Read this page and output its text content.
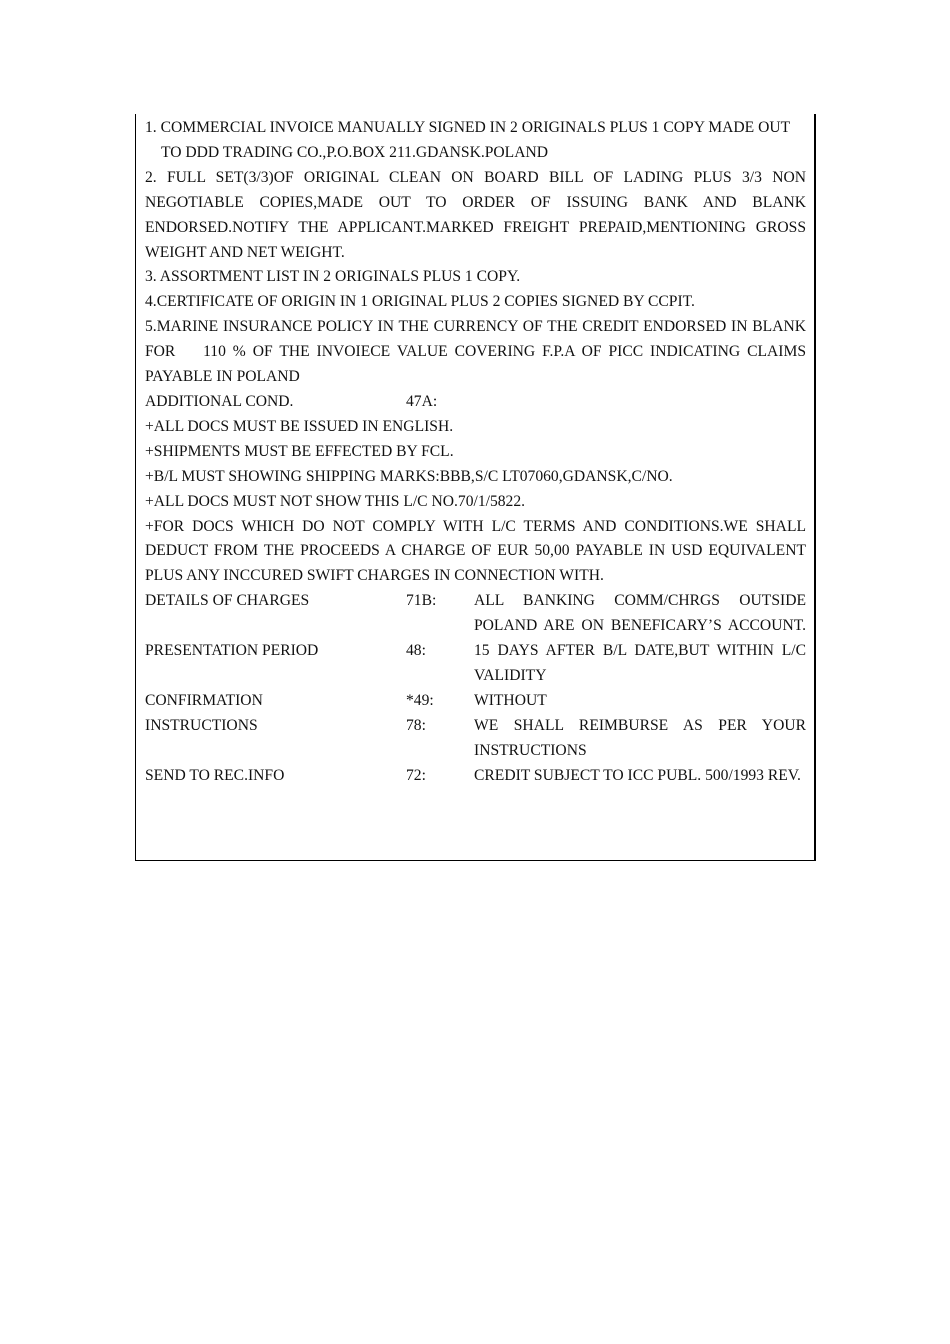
1. COMMERCIAL INVOICE MANUALLY SIGNED IN 2 ORIGINALS PLUS 1 COPY MADE OUT

TO DDD TRADING CO.,P.O.BOX 211.GDANSK.POLAND

2. FULL SET(3/3)OF ORIGINAL CLEAN ON BOARD BILL OF LADING PLUS 3/3 NON NEGOTIABLE COPIES,MADE OUT TO ORDER OF ISSUING BANK AND BLANK ENDORSED.NOTIFY THE APPLICANT.MARKED FREIGHT PREPAID,MENTIONING GROSS WEIGHT AND NET WEIGHT.

3. ASSORTMENT LIST IN 2 ORIGINALS PLUS 1 COPY.

4.CERTIFICATE OF ORIGIN IN 1 ORIGINAL PLUS 2 COPIES SIGNED BY CCPIT.

5.MARINE INSURANCE POLICY IN THE CURRENCY OF THE CREDIT ENDORSED IN BLANK FOR    110 % OF THE INVOIECE VALUE COVERING F.P.A OF PICC INDICATING CLAIMS PAYABLE IN POLAND

ADDITIONAL COND.	47A:

+ALL DOCS MUST BE ISSUED IN ENGLISH.

+SHIPMENTS MUST BE EFFECTED BY FCL.

+B/L MUST SHOWING SHIPPING MARKS:BBB,S/C LT07060,GDANSK,C/NO.

+ALL DOCS MUST NOT SHOW THIS L/C NO.70/1/5822.

+FOR DOCS WHICH DO NOT COMPLY WITH L/C TERMS AND CONDITIONS.WE SHALL DEDUCT FROM THE PROCEEDS A CHARGE OF EUR 50,00 PAYABLE IN USD EQUIVALENT PLUS ANY INCCURED SWIFT CHARGES IN CONNECTION WITH.

DETAILS OF CHARGES	71B:	ALL BANKING COMM/CHRGS OUTSIDE POLAND ARE ON BENEFICARY’S ACCOUNT.
PRESENTATION PERIOD	48:	15 DAYS AFTER B/L DATE,BUT WITHIN L/C VALIDITY
CONFIRMATION	*49:	WITHOUT
INSTRUCTIONS	78:	WE SHALL REIMBURSE AS PER YOUR INSTRUCTIONS
SEND TO REC.INFO	72:	CREDIT SUBJECT TO ICC PUBL. 500/1993 REV.
